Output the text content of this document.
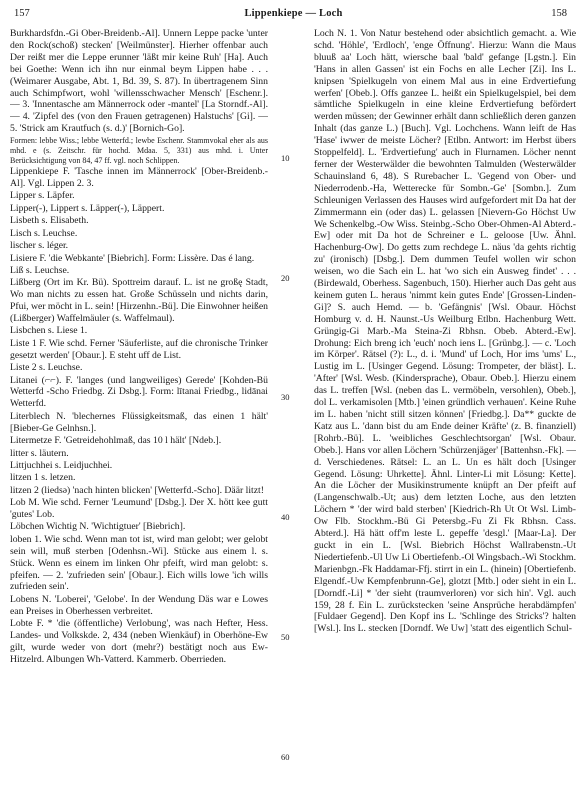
157	Lippenkiepe — Loch	158

Burkhardsfdn.-Gi Ober-Breidenb.-Al]. Unnern Leppe packe 'unter den Rock(schoß) stecken' [Weilmünster]. Hierher offenbar auch Der reißt mer die Leppe erunner 'läßt mir keine Ruh' [Ha]. Auch bei Goethe: Wenn ich ihn nur einmal beym Lippen habe . . . (Weimarer Ausgabe, Abt. 1, Bd. 39, S. 87). In übertragenem Sinn auch Schimpfwort, wohl 'willensschwacher Mensch' [Eschenr.]. — 3. 'Innentasche am Männerrock oder -mantel' [La Storndf.-Al]. — 4. 'Zipfel des (von den Frauen getragenen) Halstuchs' [Gi]. — 5. 'Strick am Krautfuch (s. d.)' [Bornich-Go].

Formen: lebbe Wiss.; lebbe Wetterfd.; lewbe Eschenr. Stammvokal eher als aus mhd. e (s. Zeitschr. für hochd. Mdaa. 5, 331) aus mhd. i. Unter Berücksichtigung von 84, 47 ff. vgl. noch Schlippen.

Lippenkiepe F. 'Tasche innen im Männerrock' [Ober-Breidenb.-Al]. Vgl. Lippen 2. 3.

Lipper s. Läpfer.

Lipper(-), Lippert s. Läpper(-), Läppert.

Lisbeth s. Elisabeth.

Lisch s. Leuchse.

lischer s. léger.

Lisiere F. 'die Webkante' [Biebrich]. Form: Lissère. Das é lang.

Liß s. Leuchse.

Lißberg (Ort im Kr. Bü). Spottreim darauf. L. ist ne großę Stadt, Wo man nichts zu essen hat. Große Schüsseln und nichts darin, Pfui, wer möcht in L. sein! [Hirzenhn.-Bü]. Die Einwohner heißen (Lißberger) Waffelmäuler (s. Waffelmaul).

Lisbchen s. Liese 1.

Liste 1 F. Wie schd. Ferner 'Säuferliste, auf die chronische Trinker gesetzt werden' [Obaur.]. E steht uff de List.

Liste 2 s. Leuchse.

Litanei (⌐⌐). F. 'langes (und langweiliges) Gerede' [Kohden-Bü Wetterfd -Scho Friedbg. Zi Dsbg.]. Form: lītanai Friedbg., lidānai Wetterfd.

Literblech N. 'blechernes Flüssigkeitsmaß, das einen 1 hält' [Bieber-Ge Gelnhsn.].

Litermetze F. 'Getreidehohlmaß, das 10 l hält' [Ndeb.].

litter s. läutern.

Littjuchhei s. Leidjuchhei.

litzen 1 s. letzen.

litzen 2 (liedsə) 'nach hinten blicken' [Wetterfd.-Scho]. Däär litzt!

Lob M. Wie schd. Ferner 'Leumund' [Dsbg.]. Der X. hött kee gutt 'gutes' Lob.

Löbchen Wichtig N. 'Wichtigtuer' [Biebrich].

loben 1. Wie schd. Wenn man tot ist, wird man gelobt; wer gelobt sein will, muß sterben [Odenhsn.-Wi]. Stücke aus einem l. s. Stück. Wenn es einem im linken Ohr pfeift, wird man gelobt: s. pfeifen. — 2. 'zufrieden sein' [Obaur.]. Eich wills lowe 'ich wills zufrieden sein'.

Lobens N. 'Loberei', 'Gelobe'. In der Wendung Däs war e Lowes ean Preises in Oberhessen verbreitet.

Lobte F. * 'die (öffentliche) Verlobung', was nach Hefter, Hess. Landes- und Volkskde. 2, 434 (neben Wienkäuf) in Oberhöne-Ew gilt, wurde weder von dort (mehr?) bestätigt noch aus Ew-Hitzelrd. Albungen Wh-Vatterd. Kammerb. Oberrieden.

10
20
30
40
50
60

Loch N. 1. Von Natur bestehend oder absichtlich gemacht. a. Wie schd. 'Höhle', 'Erdloch', 'enge Öffnung'. Hierzu: Wann die Maus bluuß aa' Loch hätt, wiersche baal 'bald' gefange [Lgstn.]. Ein 'Hans in allen Gassen' ist ein Fochs en alle Lecher [Zi]. Ins L. knipsen 'Spielkugeln von einem Mal aus in eine Erdvertiefung werfen' [Obeb.]. Offs ganzee L. heißt ein Spielkugelspiel, bei dem sämtliche Spielkugeln in eine kleine Erdvertiefung befördert werden müssen; der Gewinner erhält dann schließlich deren ganzen Inhalt (das ganze L.) [Buch]. Vgl. Lochchens. Wann leift de Has 'Hase' iwwer de meiste Löcher? [Etlbn. Antwort: im Herbst übers Stoppelfeld]. L. 'Erdvertiefung' auch in Flurnamen. Löcher nennt ferner der Westerwälder die bewohnten Talmulden (Westerwälder Schauinsland 6, 48). S Rurebacher L. 'Gegend von Ober- und Niederrodenb.-Ha, Wetterecke für Sombn.-Ge' [Sombn.]. Zum Schleunigen Verlassen des Hauses wird aufgefordert mit Da hat der Zimmermann ein (oder das) L. gelassen [Nievern-Go Höchst Uw We Schenkelbg.-Ow Wiss. Steinbg.-Scho Ober-Ohmen-Al Abterd.-Ew] oder mit Da hot de Schreiner e L. geloose [Uw. Ähnl. Hachenburg-Ow]. Do getts zum rechdege L. näus 'da gehts richtig zu' (ironisch) [Dsbg.]. Dem dummen Teufel wollen wir schon weisen, wo die Sach ein L. hat 'wo sich ein Ausweg findet' . . . (Birdewald, Oberhess. Sagenbuch, 150). Hierher auch Das geht aus keinem guten L. heraus 'nimmt kein gutes Ende' [Grossen-Linden-Gi]? S. auch Hemd. — b. 'Gefängnis' [Wsl. Obaur. Höchst Homburg v. d. H. Naunst.-Us Weilburg Etlbn. Hachenburg Wett. Grüngig-Gi Marb.-Ma Steina-Zi Rbhsn. Obeb. Abterd.-Ew]. Drohung: Eich breng ich 'euch' noch iens L. [Grünbg.]. — c. 'Loch im Körper'. Rätsel (?): L., d. i. 'Mund' uf Loch, Hor ims 'ums' L., Lustig im L. [Usinger Gegend. Lösung: Trompeter, der bläst]. L. 'After' [Wsl. Wesb. (Kindersprache), Obaur. Obeb.]. Hierzu einem das L. treffen [Wsl. (neben das L. vermöbeln, versohlen), Obeb.], dol L. verkamisolen [Mtb.] 'einen gründlich verhauen'. Keine Ruhe im L. haben 'nicht still sitzen können' [Friedbg.]. Da** guckte de Katz aus L. 'dann bist du am Ende deiner Kräfte' (z. B. finanziell) [Rohrb.-Bü]. L. 'weibliches Geschlechtsorgan' [Wsl. Obaur. Obeb.]. Hans vor allen Löchern 'Schürzenjäger' [Battenhsn.-Fk]. — d. Verschiedenes. Rätsel: L. an L. Un es hält doch [Usinger Gegend. Lösung: Uhrkette]. Ähnl. Linter-Li mit Lösung: Kette]. An die Löcher der Musikinstrumente knüpft an Der pfeift auf (Langenschwalb.-Ut; aus) dem letzten Loche, aus den letzten Löchern * 'der wird bald sterben' [Kiedrich-Rh Ut Ot Wsl. Limb-Ow Flb. Stockhm.-Bü Gi Petersbg.-Fu Zi Fk Rbhsn. Cass. Abterd.]. Hä hätt off'm leste L. gepeffe 'desgl.' [Maar-La]. Der guckt in ein L. [Wsl. Biebrich Höchst Wallrabenstn.-Ut Niedertiefenb.-Ul Uw Li Obertiefenb.-Ol Wingsbach.-Wi Stockhm. Marienbgn.-Fk Haddamar-Ffj. stirrt in ein L. (hinein) [Obertiefenb. Elgendf.-Uw Kempfenbrunn-Ge], glotzt [Mtb.] oder sieht in ein L. [Dorndf.-Li] * 'der sieht (traumverloren) vor sich hin'. Vgl. auch 159, 28 f. Ein L. zurückstecken 'seine Ansprüche herabdämpfen' [Fuldaer Gegend]. Den Kopf ins L. 'Schlinge des Stricks'? halten [Wsl.]. Ins L. stecken [Dorndf. We Uw] 'statt des eigentlich Schul-
